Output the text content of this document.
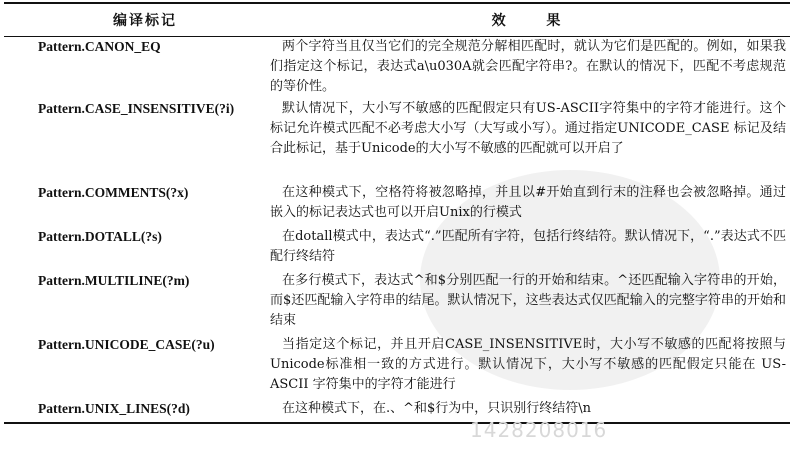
编译标记	效 果
Pattern.CANON_EQ	两个字符当且仅当它们的完全规范分解相匹配时，就认为它们是匹配的。例如，如果我们指定这个标记，表达式a\u030A就会匹配字符串?。在默认的情况下，匹配不考虑规范的等价性。

Pattern.CASE_INSENSITIVE(?i)	默认情况下，大小写不敏感的匹配假定只有US-ASCII字符集中的字符才能进行。这个标记允许模式匹配不必考虑大小写（大写或小写）。通过指定UNICODE_CASE 标记及结合此标记，基于Unicode的大小写不敏感的匹配就可以开启了

Pattern.COMMENTS(?x)	在这种模式下，空格符将被忽略掉，并且以#开始直到行末的注释也会被忽略掉。通过嵌入的标记表达式也可以开启Unix的行模式

Pattern.DOTALL(?s)	在dotall模式中，表达式“.”匹配所有字符，包括行终结符。默认情况下，“.”表达式不匹配行终结符

Pattern.MULTILINE(?m)	在多行模式下，表达式^和$分别匹配一行的开始和结束。^还匹配输入字符串的开始，而$还匹配输入字符串的结尾。默认情况下，这些表达式仅匹配输入的完整字符串的开始和结束

Pattern.UNICODE_CASE(?u)	当指定这个标记，并且开启CASE_INSENSITIVE时，大小写不敏感的匹配将按照与Unicode标准相一致的方式进行。默认情况下，大小写不敏感的匹配假定只能在 US-ASCII 字符集中的字符才能进行

Pattern.UNIX_LINES(?d)	在这种模式下，在.、^和$行为中，只识别行终结符\n
1428208016
